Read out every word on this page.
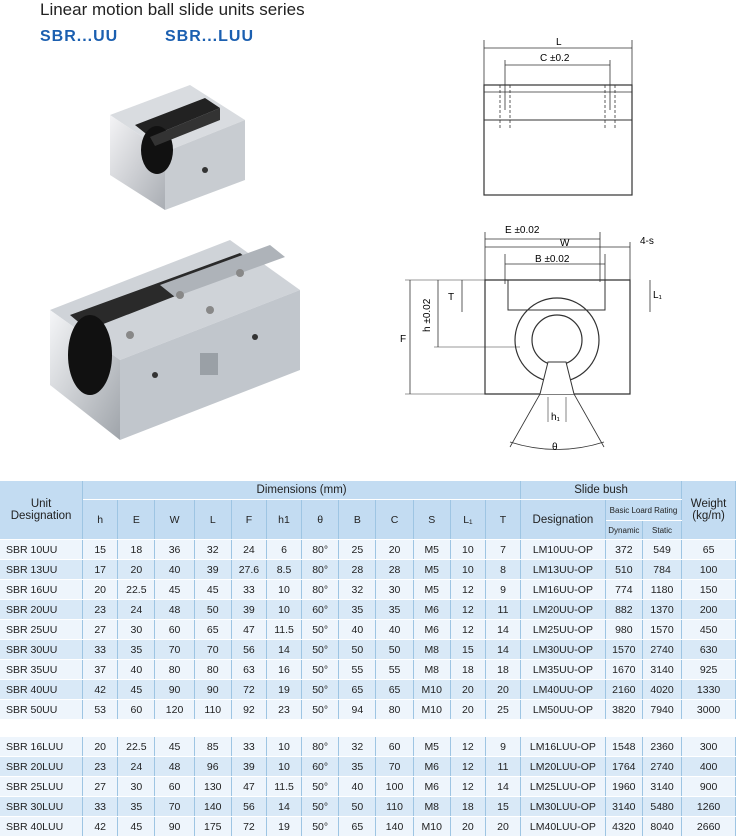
Linear motion ball slide units series
SBR...UU	SBR...LUU	L
C ±0.2
E ±0.02
W
B ±0.02
4-s
T	L₁
F
h ±0.02
h₁
θ
Unit Designation	Dimensions (mm)												Slide bush			Weight (kg/m)
	h	E	W	L	F	h1	θ	B	C	S	L₁	T	Designation	Basic Loard Rating		
														Dynamic	Static	
SBR 10UU	15	18	36	32	24	6	80°	25	20	M5	10	7	LM10UU-OP	372	549	65
SBR 13UU	17	20	40	39	27.6	8.5	80°	28	28	M5	10	8	LM13UU-OP	510	784	100
SBR 16UU	20	22.5	45	45	33	10	80°	32	30	M5	12	9	LM16UU-OP	774	1180	150
SBR 20UU	23	24	48	50	39	10	60°	35	35	M6	12	11	LM20UU-OP	882	1370	200
SBR 25UU	27	30	60	65	47	11.5	50°	40	40	M6	12	14	LM25UU-OP	980	1570	450
SBR 30UU	33	35	70	70	56	14	50°	50	50	M8	15	14	LM30UU-OP	1570	2740	630
SBR 35UU	37	40	80	80	63	16	50°	55	55	M8	18	18	LM35UU-OP	1670	3140	925
SBR 40UU	42	45	90	90	72	19	50°	65	65	M10	20	20	LM40UU-OP	2160	4020	1330
SBR 50UU	53	60	120	110	92	23	50°	94	80	M10	20	25	LM50UU-OP	3820	7940	3000

SBR 16LUU	20	22.5	45	85	33	10	80°	32	60	M5	12	9	LM16LUU-OP	1548	2360	300
SBR 20LUU	23	24	48	96	39	10	60°	35	70	M6	12	11	LM20LUU-OP	1764	2740	400
SBR 25LUU	27	30	60	130	47	11.5	50°	40	100	M6	12	14	LM25LUU-OP	1960	3140	900
SBR 30LUU	33	35	70	140	56	14	50°	50	110	M8	18	15	LM30LUU-OP	3140	5480	1260
SBR 40LUU	42	45	90	175	72	19	50°	65	140	M10	20	20	LM40LUU-OP	4320	8040	2660
